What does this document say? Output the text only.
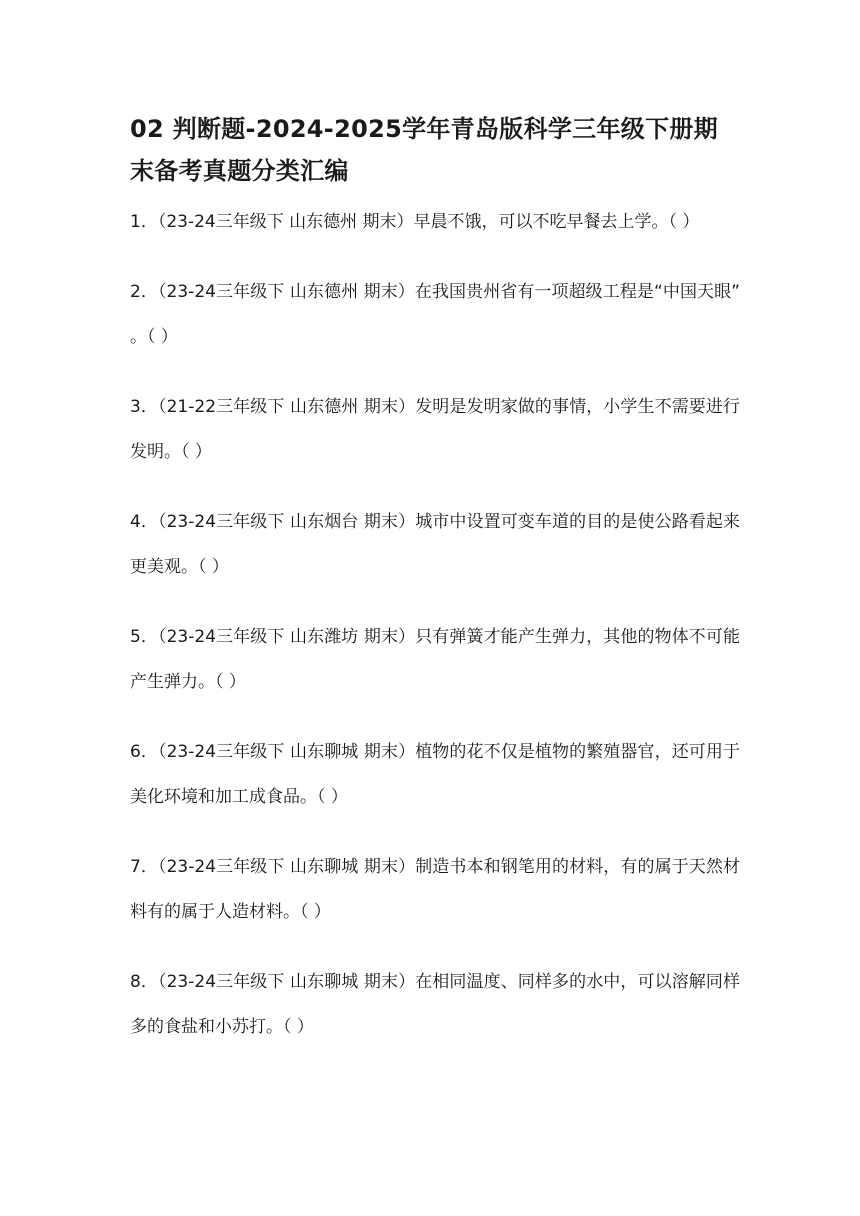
02 判断题-2024-2025学年青岛版科学三年级下册期末备考真题分类汇编
1．（23-24三年级下 山东德州 期末）早晨不饿，可以不吃早餐去上学。（ ）
2．（23-24三年级下 山东德州 期末）在我国贵州省有一项超级工程是“中国天眼” 。（ ）
3．（21-22三年级下 山东德州 期末）发明是发明家做的事情，小学生不需要进行发明。（ ）
4．（23-24三年级下 山东烟台 期末）城市中设置可变车道的目的是使公路看起来更美观。（ ）
5．（23-24三年级下 山东潍坊 期末）只有弹簧才能产生弹力，其他的物体不可能产生弹力。（ ）
6．（23-24三年级下 山东聊城 期末）植物的花不仅是植物的繁殖器官，还可用于美化环境和加工成食品。（ ）
7．（23-24三年级下 山东聊城 期末）制造书本和钢笔用的材料，有的属于天然材料有的属于人造材料。（ ）
8．（23-24三年级下 山东聊城 期末）在相同温度、同样多的水中，可以溶解同样多的食盐和小苏打。（ ）
